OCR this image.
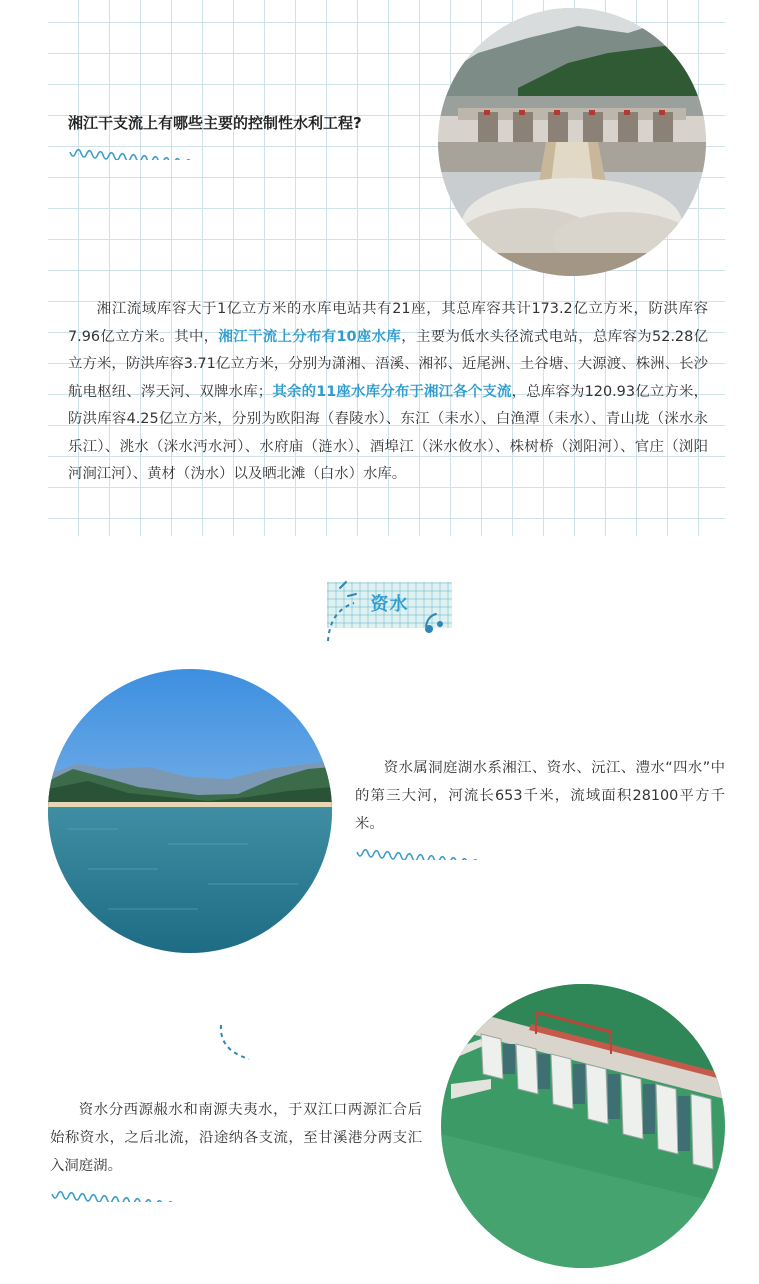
湘江干支流上有哪些主要的控制性水利工程?
湘江流域库容大于1亿立方米的水库电站共有21座，其总库容共计173.2亿立方米，防洪库容7.96亿立方米。其中，湘江干流上分布有10座水库，主要为低水头径流式电站，总库容为52.28亿立方米，防洪库容3.71亿立方米，分别为潇湘、浯溪、湘祁、近尾洲、土谷塘、大源渡、株洲、长沙航电枢纽、涔天河、双牌水库；其余的11座水库分布于湘江各个支流，总库容为120.93亿立方米，防洪库容4.25亿立方米，分别为欧阳海（舂陵水）、东江（耒水）、白渔潭（耒水）、青山垅（洣水永乐江）、洮水（洣水沔水河）、水府庙（涟水）、酒埠江（洣水攸水）、株树桥（浏阳河）、官庄（浏阳河涧江河）、黄材（沩水）以及晒北滩（白水）水库。
资水
资水属洞庭湖水系湘江、资水、沅江、澧水“四水”中的第三大河，河流长653千米，流域面积28100平方千米。
资水分西源赧水和南源夫夷水，于双江口两源汇合后始称资水，之后北流，沿途纳各支流，至甘溪港分两支汇入洞庭湖。
